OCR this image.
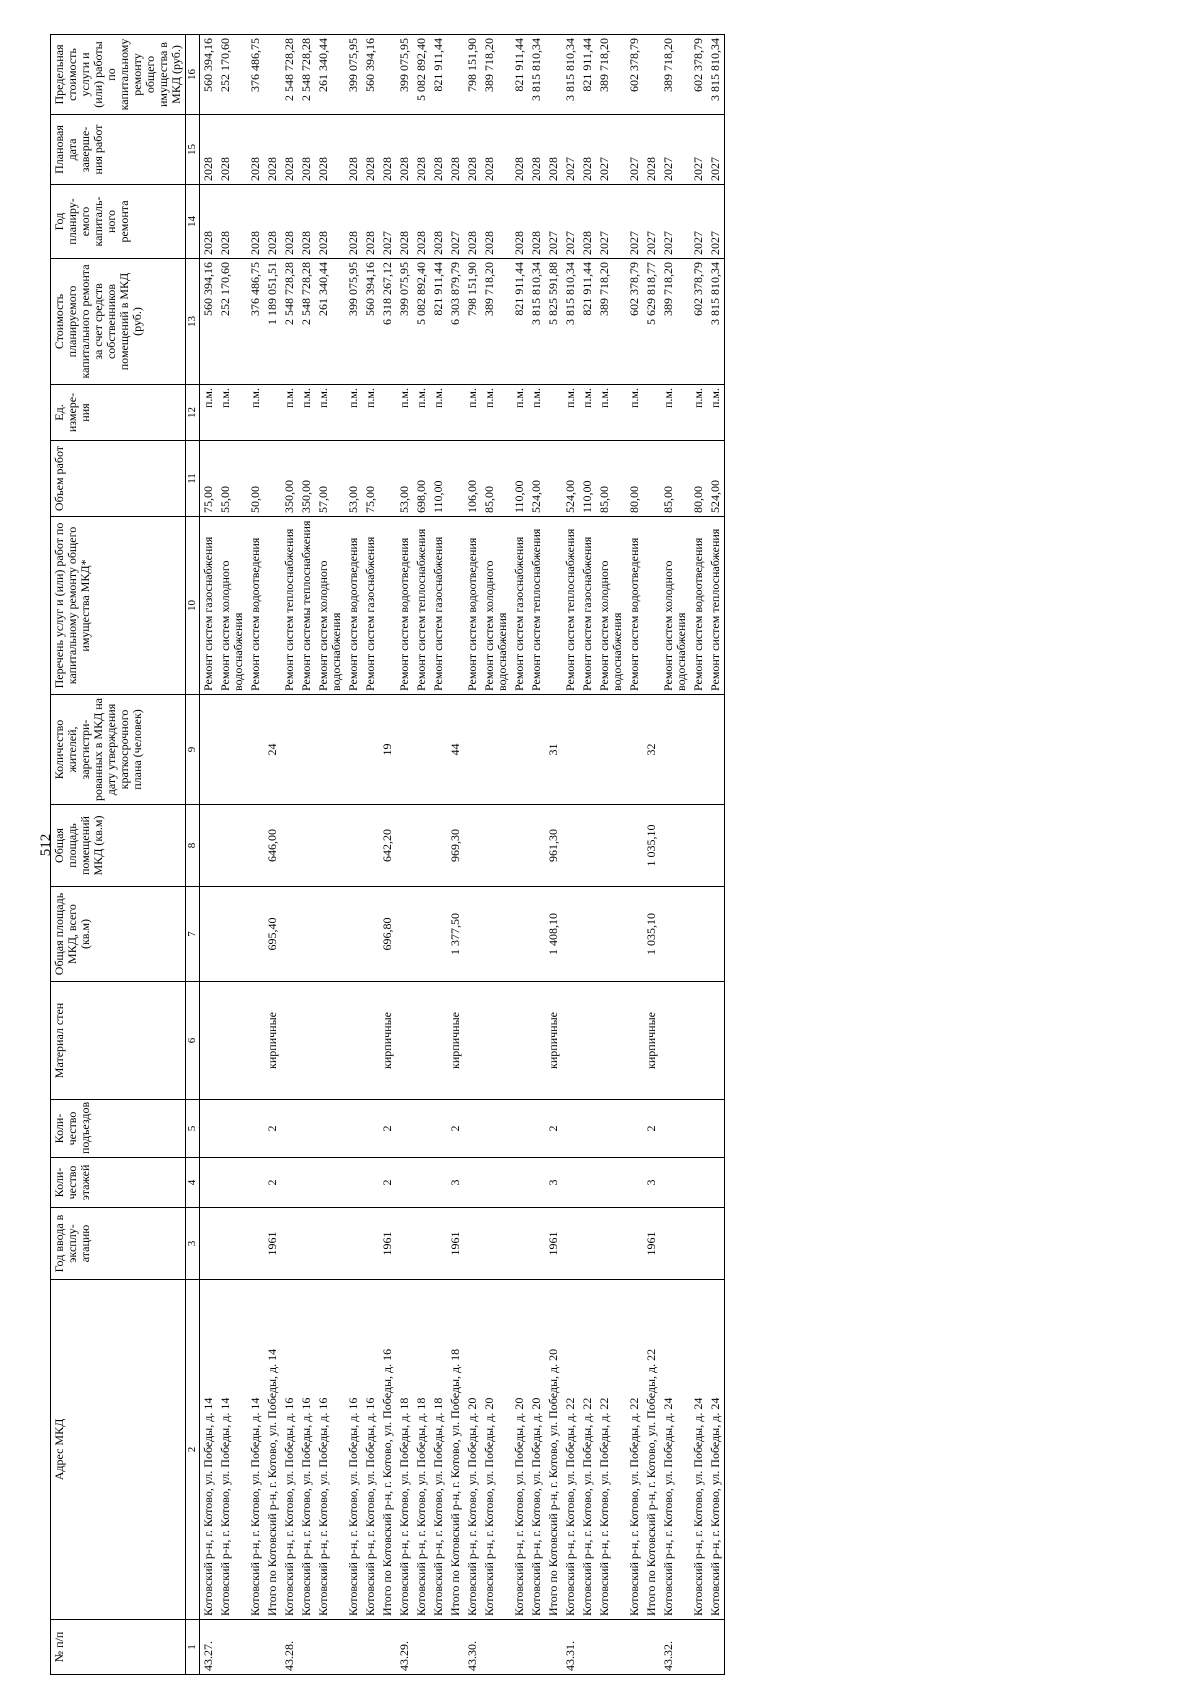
512
№ п/п	Адрес МКД	Год ввода в эксплу-атацию	Коли-чество этажей	Коли-чество подъездов	Материал стен	Общая площадь МКД, всего (кв.м)	Общая площадь помещений МКД (кв.м)	Количество жителей, зарегистри-рованных в МКД на дату утверждения краткосрочного плана (человек)	Перечень услуг и (или) работ по капитальному ремонту общего имущества МКД*	Объем работ	Ед. измере-ния	Стоимость планируемого капитального ремонта за счет средств собственников помещений в МКД (руб.)	Год планиру-емого капиталь-ного ремонта	Плановая дата заверше-ния работ	Предельная стоимость услуги и (или) работы по капитальному ремонту общего имущества в МКД (руб.)
1	2	3	4	5	6	7	8	9	10	11	12	13	14	15	16
43.27.	Котовский р-н, г. Котово, ул. Победы, д. 14								Ремонт систем газоснабжения	75,00	п.м.	560 394,16	2028	2028	560 394,16
	Котовский р-н, г. Котово, ул. Победы, д. 14								Ремонт систем холодного водоснабжения	55,00	п.м.	252 170,60	2028	2028	252 170,60
	Котовский р-н, г. Котово, ул. Победы, д. 14								Ремонт систем водоотведения	50,00	п.м.	376 486,75	2028	2028	376 486,75
	Итого по Котовский р-н, г. Котово, ул. Победы, д. 14	1961	2	2	кирпичные	695,40	646,00	24				1 189 051,51	2028	2028	
43.28.	Котовский р-н, г. Котово, ул. Победы, д. 16								Ремонт систем теплоснабжения	350,00	п.м.	2 548 728,28	2028	2028	2 548 728,28
	Котовский р-н, г. Котово, ул. Победы, д. 16								Ремонт системы теплоснабжения	350,00	п.м.	2 548 728,28	2028	2028	2 548 728,28
	Котовский р-н, г. Котово, ул. Победы, д. 16								Ремонт систем холодного водоснабжения	57,00	п.м.	261 340,44	2028	2028	261 340,44
	Котовский р-н, г. Котово, ул. Победы, д. 16								Ремонт систем водоотведения	53,00	п.м.	399 075,95	2028	2028	399 075,95
	Котовский р-н, г. Котово, ул. Победы, д. 16								Ремонт систем газоснабжения	75,00	п.м.	560 394,16	2028	2028	560 394,16
	Итого по Котовский р-н, г. Котово, ул. Победы, д. 16	1961	2	2	кирпичные	696,80	642,20	19				6 318 267,12	2027	2028	
43.29.	Котовский р-н, г. Котово, ул. Победы, д. 18								Ремонт систем водоотведения	53,00	п.м.	399 075,95	2028	2028	399 075,95
	Котовский р-н, г. Котово, ул. Победы, д. 18								Ремонт систем теплоснабжения	698,00	п.м.	5 082 892,40	2028	2028	5 082 892,40
	Котовский р-н, г. Котово, ул. Победы, д. 18								Ремонт систем газоснабжения	110,00	п.м.	821 911,44	2028	2028	821 911,44
	Итого по Котовский р-н, г. Котово, ул. Победы, д. 18	1961	3	2	кирпичные	1 377,50	969,30	44				6 303 879,79	2027	2028	
43.30.	Котовский р-н, г. Котово, ул. Победы, д. 20								Ремонт систем водоотведения	106,00	п.м.	798 151,90	2028	2028	798 151,90
	Котовский р-н, г. Котово, ул. Победы, д. 20								Ремонт систем холодного водоснабжения	85,00	п.м.	389 718,20	2028	2028	389 718,20
	Котовский р-н, г. Котово, ул. Победы, д. 20								Ремонт систем газоснабжения	110,00	п.м.	821 911,44	2028	2028	821 911,44
	Котовский р-н, г. Котово, ул. Победы, д. 20								Ремонт систем теплоснабжения	524,00	п.м.	3 815 810,34	2028	2028	3 815 810,34
	Итого по Котовский р-н, г. Котово, ул. Победы, д. 20	1961	3	2	кирпичные	1 408,10	961,30	31				5 825 591,88	2027	2028	
43.31.	Котовский р-н, г. Котово, ул. Победы, д. 22								Ремонт систем теплоснабжения	524,00	п.м.	3 815 810,34	2027	2027	3 815 810,34
	Котовский р-н, г. Котово, ул. Победы, д. 22								Ремонт систем газоснабжения	110,00	п.м.	821 911,44	2028	2028	821 911,44
	Котовский р-н, г. Котово, ул. Победы, д. 22								Ремонт систем холодного водоснабжения	85,00	п.м.	389 718,20	2027	2027	389 718,20
	Котовский р-н, г. Котово, ул. Победы, д. 22								Ремонт систем водоотведения	80,00	п.м.	602 378,79	2027	2027	602 378,79
	Итого по Котовский р-н, г. Котово, ул. Победы, д. 22	1961	3	2	кирпичные	1 035,10	1 035,10	32				5 629 818,77	2027	2028	
43.32.	Котовский р-н, г. Котово, ул. Победы, д. 24								Ремонт систем холодного водоснабжения	85,00	п.м.	389 718,20	2027	2027	389 718,20
	Котовский р-н, г. Котово, ул. Победы, д. 24								Ремонт систем водоотведения	80,00	п.м.	602 378,79	2027	2027	602 378,79
	Котовский р-н, г. Котово, ул. Победы, д. 24								Ремонт систем теплоснабжения	524,00	п.м.	3 815 810,34	2027	2027	3 815 810,34
